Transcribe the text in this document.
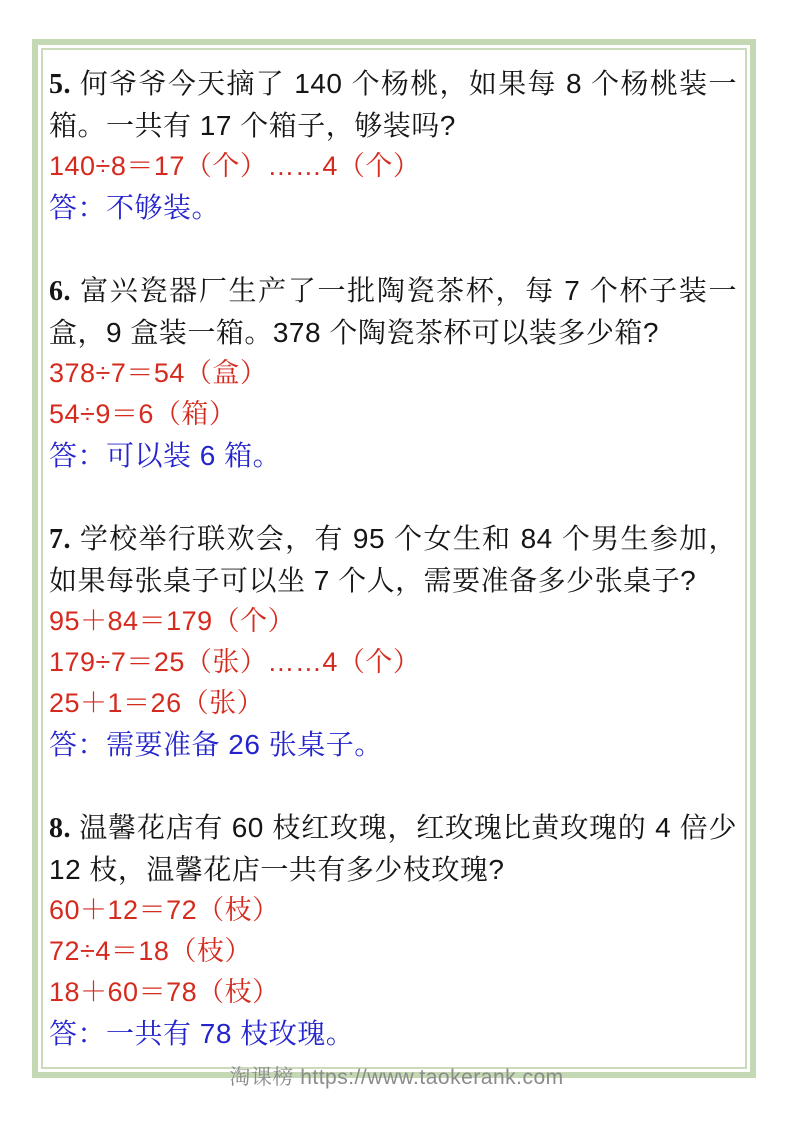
5. 何爷爷今天摘了 140 个杨桃，如果每 8 个杨桃装一箱。一共有 17 个箱子，够装吗?

140÷8＝17（个）……4（个）

答：不够装。

6. 富兴瓷器厂生产了一批陶瓷茶杯，每 7 个杯子装一盒，9 盒装一箱。378 个陶瓷茶杯可以装多少箱?

378÷7＝54（盒）

54÷9＝6（箱）

答：可以装 6 箱。

7. 学校举行联欢会，有 95 个女生和 84 个男生参加，如果每张桌子可以坐 7 个人，需要准备多少张桌子?

95＋84＝179（个）

179÷7＝25（张）……4（个）

25＋1＝26（张）

答：需要准备 26 张桌子。

8. 温馨花店有 60 枝红玫瑰，红玫瑰比黄玫瑰的 4 倍少 12 枝，温馨花店一共有多少枝玫瑰?

60＋12＝72（枝）

72÷4＝18（枝）

18＋60＝78（枝）

答：一共有 78 枝玫瑰。

淘课榜 https://www.taokerank.com
